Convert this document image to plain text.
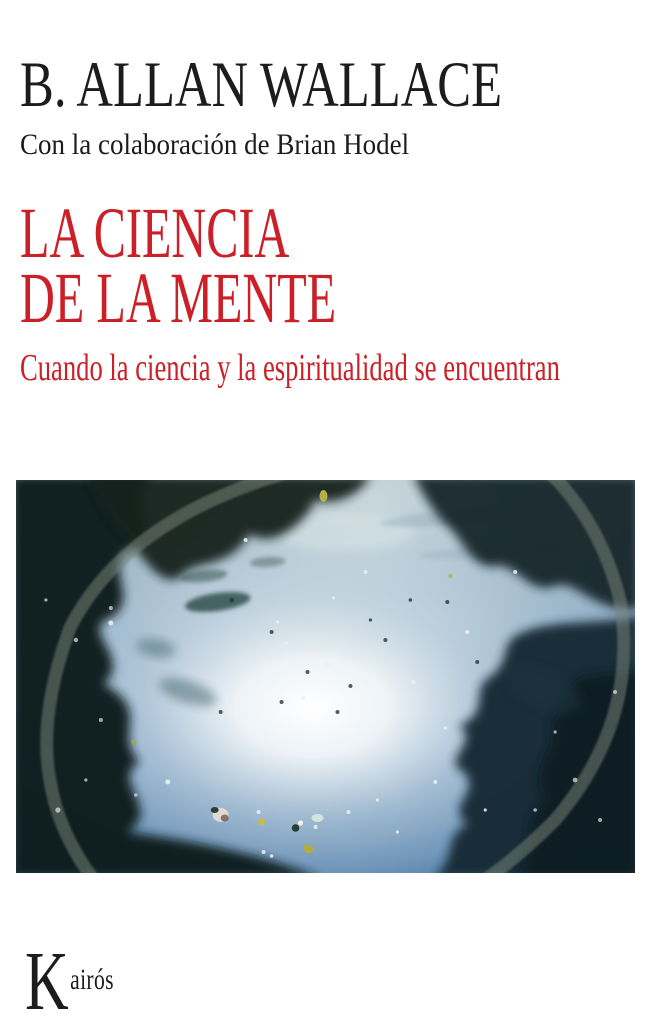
B. ALLAN WALLACE
Con la colaboración de Brian Hodel
LA CIENCIA
DE LA MENTE
Cuando la ciencia y la espiritualidad se encuentran
Kairós
